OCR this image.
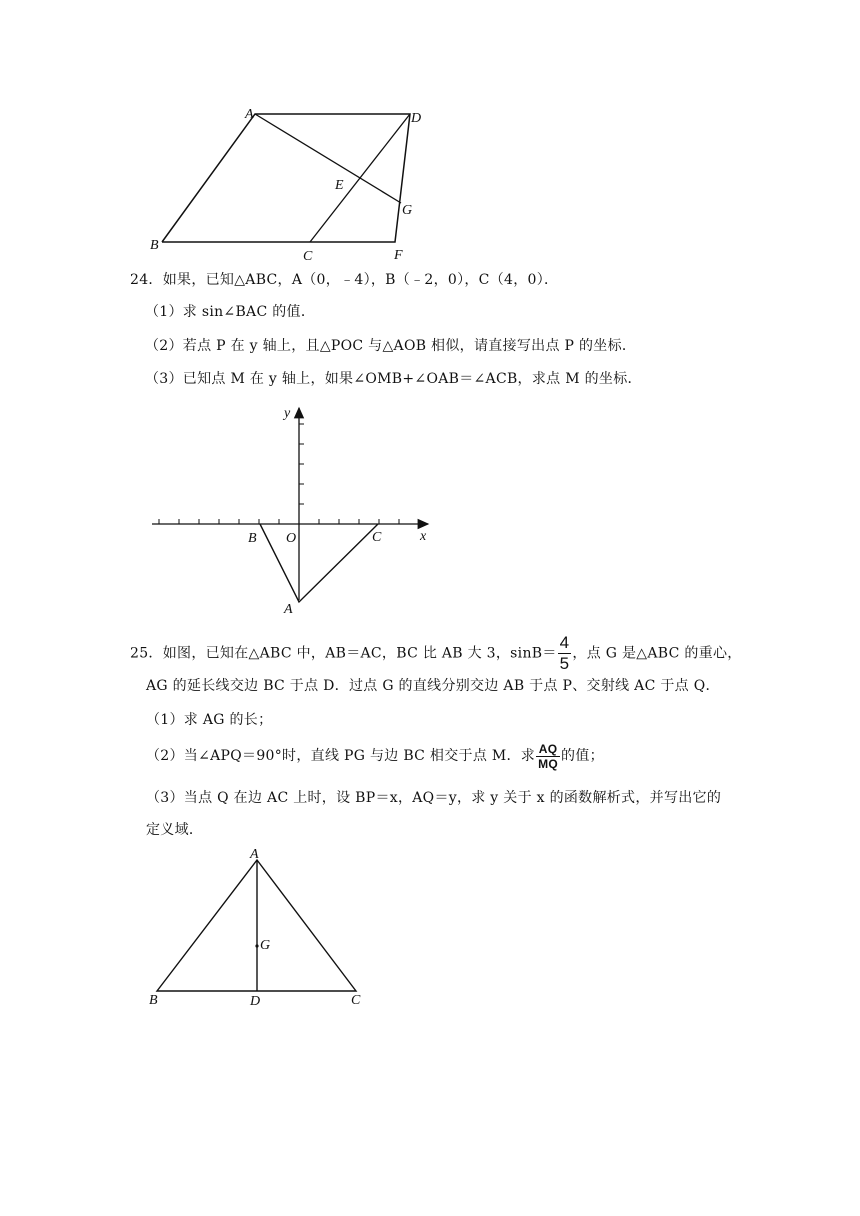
A	D
E
G
B
C	F
24．如果，已知△ABC，A（0，﹣4），B（﹣2，0），C（4，0）．
（1）求 sin∠BAC 的值．
（2）若点 P 在 y 轴上，且△POC 与△AOB 相似，请直接写出点 P 的坐标．
（3）已知点 M 在 y 轴上，如果∠OMB+∠OAB＝∠ACB，求点 M 的坐标．
y
x
B O	C
A
25．如图，已知在△ABC 中，AB＝AC，BC 比 AB 大 3，$\sin B= \frac{4}{5}$ ，点 G 是△ABC 的重心，
AG 的延长线交边 BC 于点 D．过点 G 的直线分别交边 AB 于点 P、交射线 AC 于点 Q．
（1）求 AG 的长；
（2）当∠APQ＝90°时，直线 PG 与边 BC 相交于点 M．求 $\frac{AQ}{MQ}$ 的值；
（3）当点 Q 在边 AC 上时，设 BP＝x，AQ＝y，求 y 关于 x 的函数解析式，并写出它的
定义域．
A
G
B	D	C
